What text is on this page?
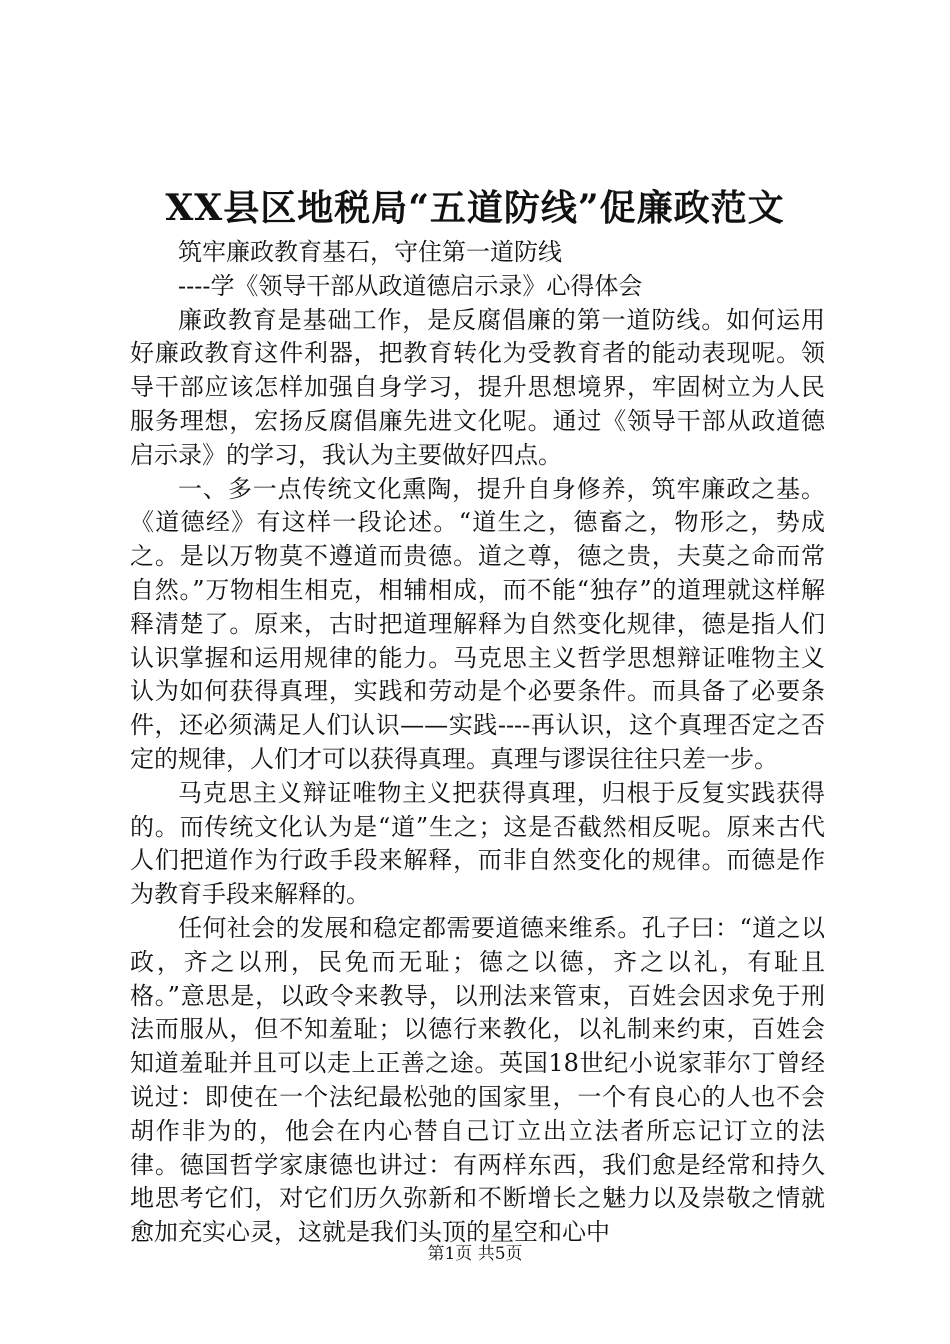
XX县区地税局“五道防线”促廉政范文

筑牢廉政教育基石，守住第一道防线

----学《领导干部从政道德启示录》心得体会

廉政教育是基础工作，是反腐倡廉的第一道防线。如何运用好廉政教育这件利器，把教育转化为受教育者的能动表现呢。领导干部应该怎样加强自身学习，提升思想境界，牢固树立为人民服务理想，宏扬反腐倡廉先进文化呢。通过《领导干部从政道德启示录》的学习，我认为主要做好四点。

一、多一点传统文化熏陶，提升自身修养，筑牢廉政之基。《道德经》有这样一段论述。“道生之，德畜之，物形之，势成之。是以万物莫不遵道而贵德。道之尊，德之贵，夫莫之命而常自然。”万物相生相克，相辅相成，而不能“独存”的道理就这样解释清楚了。原来，古时把道理解释为自然变化规律，德是指人们认识掌握和运用规律的能力。马克思主义哲学思想辩证唯物主义认为如何获得真理，实践和劳动是个必要条件。而具备了必要条件，还必须满足人们认识——实践----再认识，这个真理否定之否定的规律，人们才可以获得真理。真理与谬误往往只差一步。

马克思主义辩证唯物主义把获得真理，归根于反复实践获得的。而传统文化认为是“道”生之；这是否截然相反呢。原来古代人们把道作为行政手段来解释，而非自然变化的规律。而德是作为教育手段来解释的。

任何社会的发展和稳定都需要道德来维系。孔子曰：“道之以政，齐之以刑，民免而无耻；德之以德，齐之以礼，有耻且格。”意思是，以政令来教导，以刑法来管束，百姓会因求免于刑法而服从，但不知羞耻；以德行来教化，以礼制来约束，百姓会知道羞耻并且可以走上正善之途。英国18世纪小说家菲尔丁曾经说过：即使在一个法纪最松弛的国家里，一个有良心的人也不会胡作非为的，他会在内心替自己订立出立法者所忘记订立的法律。德国哲学家康德也讲过：有两样东西，我们愈是经常和持久地思考它们，对它们历久弥新和不断增长之魅力以及崇敬之情就愈加充实心灵，这就是我们头顶的星空和心中

第1页 共5页
